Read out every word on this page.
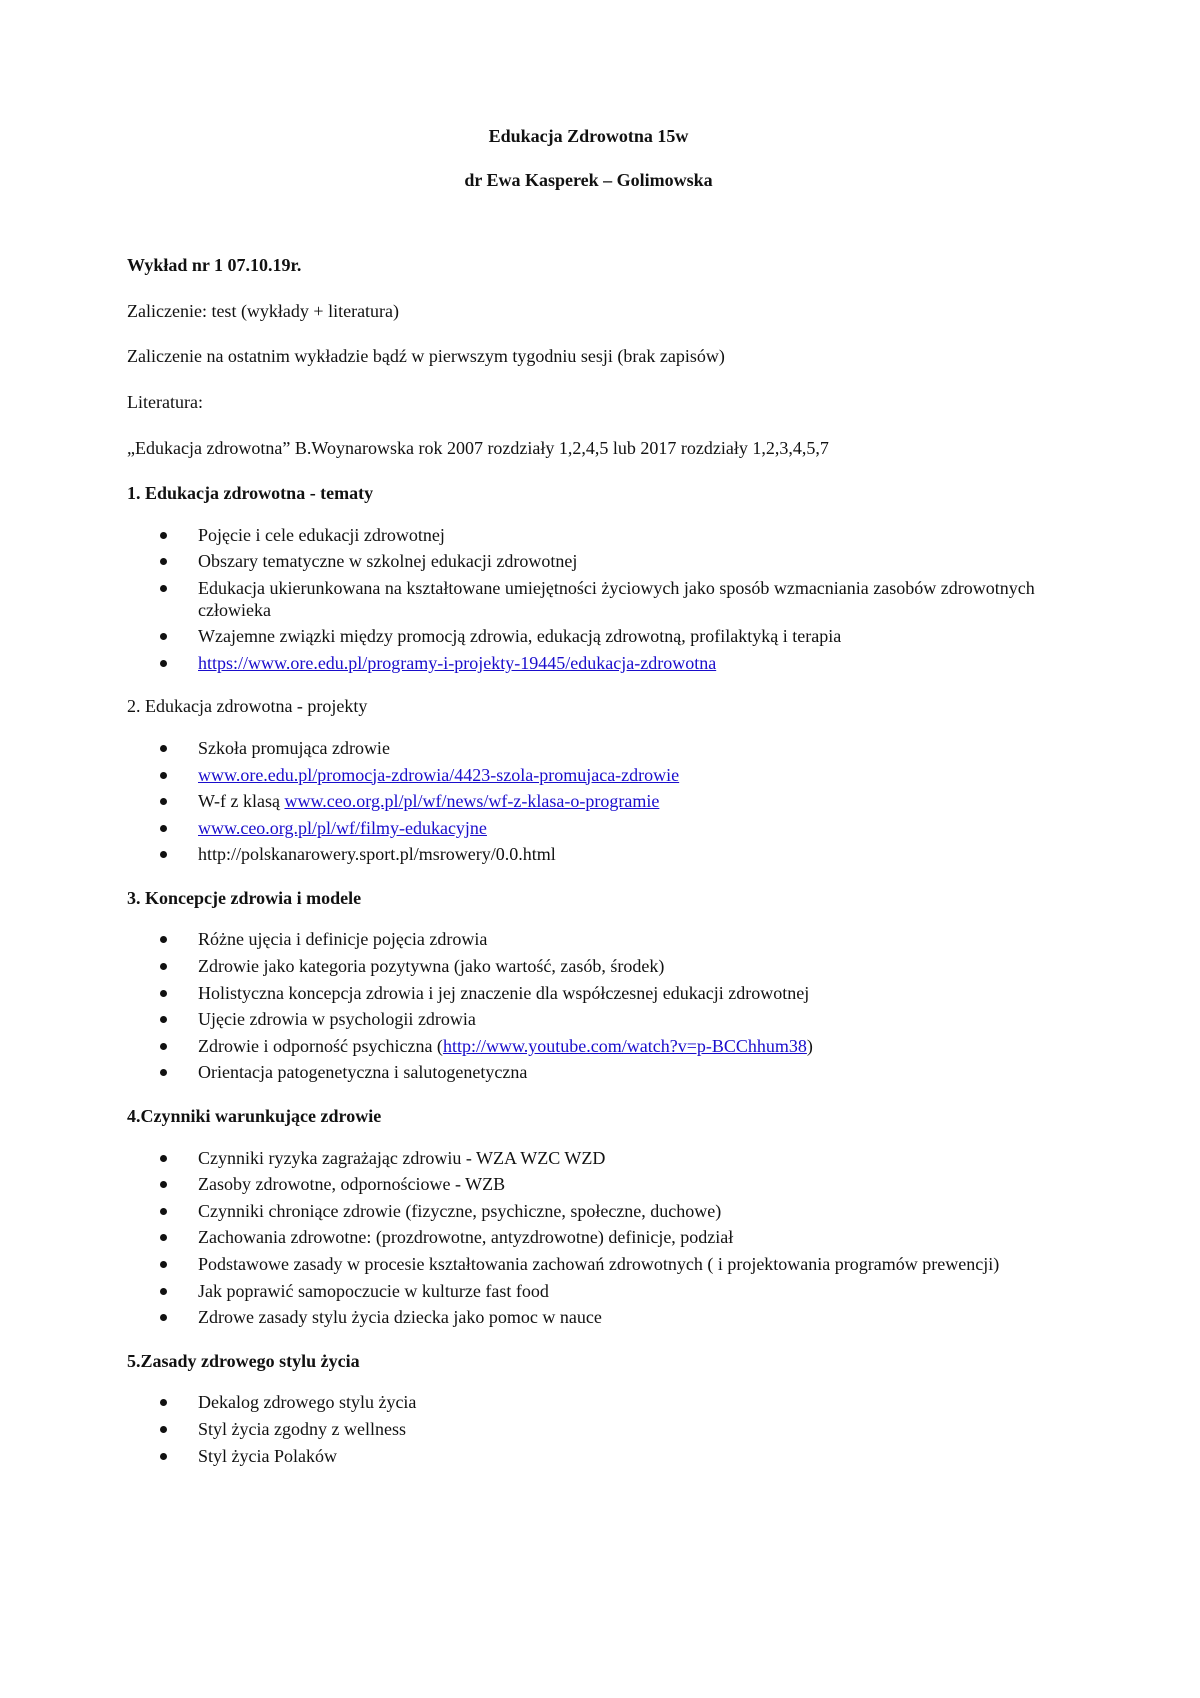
Edukacja Zdrowotna 15w

dr Ewa Kasperek – Golimowska

Wykład nr 1 07.10.19r.

Zaliczenie: test (wykłady + literatura)

Zaliczenie na ostatnim wykładzie bądź w pierwszym tygodniu sesji (brak zapisów)

Literatura:

„Edukacja zdrowotna” B.Woynarowska rok 2007 rozdziały 1,2,4,5 lub 2017 rozdziały 1,2,3,4,5,7

1. Edukacja zdrowotna - tematy

Pojęcie i cele edukacji zdrowotnej
Obszary tematyczne w szkolnej edukacji zdrowotnej
Edukacja ukierunkowana na kształtowane umiejętności życiowych jako sposób wzmacniania zasobów zdrowotnych człowieka
Wzajemne związki między promocją zdrowia, edukacją zdrowotną, profilaktyką i terapia
https://www.ore.edu.pl/programy-i-projekty-19445/edukacja-zdrowotna

2. Edukacja zdrowotna - projekty

Szkoła promująca zdrowie
www.ore.edu.pl/promocja-zdrowia/4423-szola-promujaca-zdrowie
W-f z klasą www.ceo.org.pl/pl/wf/news/wf-z-klasa-o-programie
www.ceo.org.pl/pl/wf/filmy-edukacyjne
http://polskanarowery.sport.pl/msrowery/0.0.html

3. Koncepcje zdrowia i modele

Różne ujęcia i definicje pojęcia zdrowia
Zdrowie jako kategoria pozytywna (jako wartość, zasób, środek)
Holistyczna koncepcja zdrowia i jej znaczenie dla współczesnej edukacji zdrowotnej
Ujęcie zdrowia w psychologii zdrowia
Zdrowie i odporność psychiczna (http://www.youtube.com/watch?v=p-BCChhum38)
Orientacja patogenetyczna i salutogenetyczna

4.Czynniki warunkujące zdrowie

Czynniki ryzyka zagrażając zdrowiu - WZA WZC WZD
Zasoby zdrowotne, odpornościowe - WZB
Czynniki chroniące zdrowie (fizyczne, psychiczne, społeczne, duchowe)
Zachowania zdrowotne: (prozdrowotne, antyzdrowotne) definicje, podział
Podstawowe zasady w procesie kształtowania zachowań zdrowotnych ( i projektowania programów prewencji)
Jak poprawić samopoczucie w kulturze fast food
Zdrowe zasady stylu życia dziecka jako pomoc w nauce

5.Zasady zdrowego stylu życia

Dekalog zdrowego stylu życia
Styl życia zgodny z wellness
Styl życia Polaków
